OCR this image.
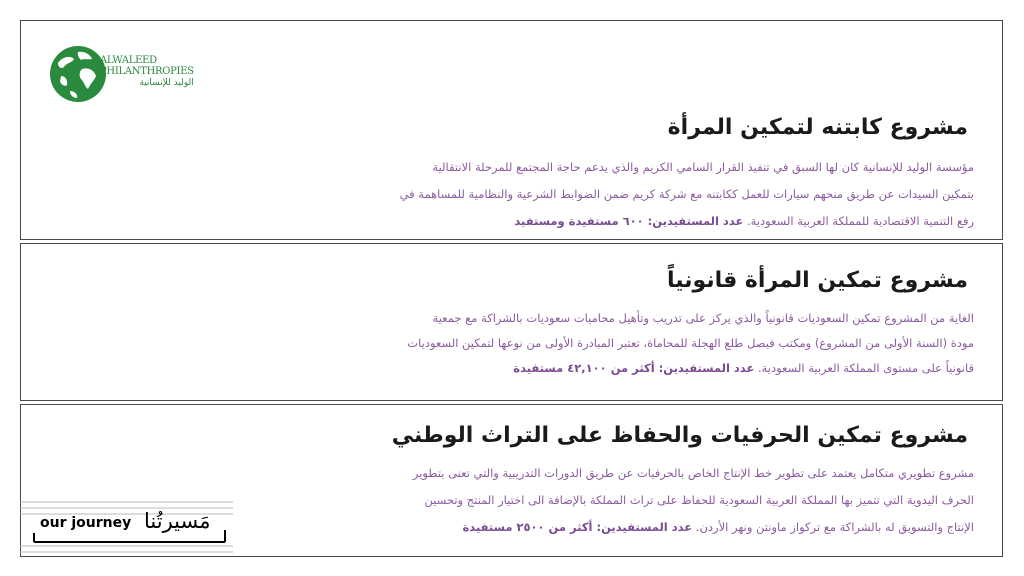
ALWALEED
PHILANTHROPIES
الوليد للإنسانية
مشروع كابتنه لتمكين المرأة

مؤسسة الوليد للإنسانية كان لها السبق في تنفيذ القرار السامي الكريم والذي يدعم حاجة المجتمع للمرحلة الانتقالية

بتمكين السيدات عن طريق منحهم سيارات للعمل ككابتنه مع شركة كريم ضمن الضوابط الشرعية والنظامية للمساهمة في

رفع التنمية الاقتصادية للمملكة العربية السعودية. عدد المستفيدين: ٦٠٠ مستفيدة ومستفيد

مشروع تمكين المرأة قانونياً

الغاية من المشروع تمكين السعوديات قانونياً والذي يركز على تدريب وتأهيل محاميات سعوديات بالشراكة مع جمعية

مودة (السنة الأولى من المشروع) ومكتب فيصل طلع الهجلة للمحاماة، تعتبر المبادرة الأولى من نوعها لتمكين السعوديات

قانونياً على مستوى المملكة العربية السعودية. عدد المستفيدين: أكثر من ٤٢,١٠٠ مستفيدة

مشروع تمكين الحرفيات والحفاظ على التراث الوطني

مشروع تطويري متكامل يعتمد على تطوير خط الإنتاج الخاص بالحرفيات عن طريق الدورات التدريبية والتي تعنى بتطوير

الحرف اليدوية التي تتميز بها المملكة العربية السعودية للحفاظ على تراث المملكة بالإضافة الى اختيار المنتج وتحسين

الإنتاج والتسويق له بالشراكة مع تركواز ماونتن ونهر الأردن. عدد المستفيدين: أكثر من ٢٥٠٠ مستفيدة

our journey مَسيرتُنا
